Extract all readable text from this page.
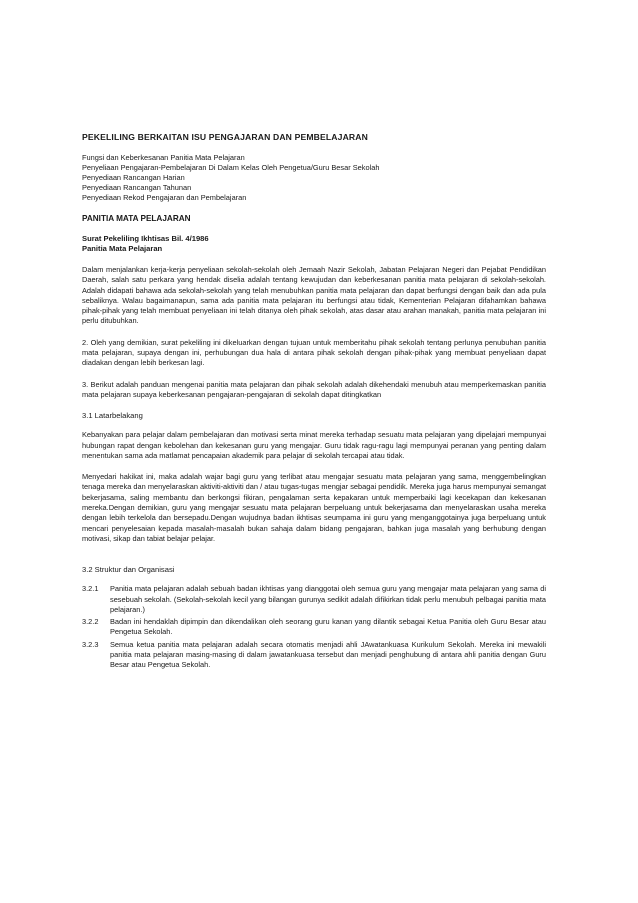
PEKELILING BERKAITAN ISU PENGAJARAN DAN PEMBELAJARAN
Fungsi dan Keberkesanan Panitia Mata Pelajaran
Penyeliaan Pengajaran-Pembelajaran Di Dalam Kelas Oleh Pengetua/Guru Besar Sekolah
Penyediaan Rancangan Harian
Penyediaan Rancangan Tahunan
Penyediaan Rekod Pengajaran dan Pembelajaran
PANITIA MATA PELAJARAN
Surat Pekeliling Ikhtisas Bil. 4/1986
Panitia Mata Pelajaran

Dalam menjalankan kerja-kerja penyeliaan sekolah-sekolah oleh Jemaah Nazir Sekolah, Jabatan Pelajaran Negeri dan Pejabat Pendidikan Daerah, salah satu perkara yang hendak diselia adalah tentang kewujudan dan keberkesanan panitia mata pelajaran di sekolah-sekolah. Adalah didapati bahawa ada sekolah-sekolah yang telah menubuhkan panitia mata pelajaran dan dapat berfungsi dengan baik dan ada pula sebaliknya. Walau bagaimanapun, sama ada panitia mata pelajaran itu berfungsi atau tidak, Kementerian Pelajaran difahamkan bahawa pihak-pihak yang telah membuat penyeliaan ini telah ditanya oleh pihak sekolah, atas dasar atau arahan manakah, panitia mata pelajaran ini perlu ditubuhkan.

2. Oleh yang demikian, surat pekeliling ini dikeluarkan dengan tujuan untuk memberitahu pihak sekolah tentang perlunya penubuhan panitia mata pelajaran, supaya dengan ini, perhubungan dua hala di antara pihak sekolah dengan pihak-pihak yang membuat penyeliaan dapat diadakan dengan lebih berkesan lagi.

3. Berikut adalah panduan mengenai panitia mata pelajaran dan pihak sekolah adalah dikehendaki menubuh atau memperkemaskan panitia mata pelajaran supaya keberkesanan pengajaran-pengajaran di sekolah dapat ditingkatkan

3.1 Latarbelakang

Kebanyakan para pelajar dalam pembelajaran dan motivasi serta minat mereka terhadap sesuatu mata pelajaran yang dipelajari mempunyai hubungan rapat dengan kebolehan dan kekesanan guru yang mengajar. Guru tidak ragu-ragu lagi mempunyai peranan yang penting dalam menentukan sama ada matlamat pencapaian akademik para pelajar di sekolah tercapai atau tidak.

Menyedari hakikat ini, maka adalah wajar bagi guru yang terlibat atau mengajar sesuatu mata pelajaran yang sama, menggembelingkan tenaga mereka dan menyelaraskan aktiviti-aktiviti dan / atau tugas-tugas mengjar sebagai pendidik. Mereka juga harus mempunyai semangat bekerjasama, saling membantu dan berkongsi fikiran, pengalaman serta kepakaran untuk memperbaiki lagi kecekapan dan kekesanan mereka.Dengan demikian, guru yang mengajar sesuatu mata pelajaran berpeluang untuk bekerjasama dan menyelaraskan usaha mereka dengan lebih terkelola dan bersepadu.Dengan wujudnya badan ikhtisas seumpama ini guru yang menganggotainya juga berpeluang untuk mencari penyelesaian kepada masalah-masalah bukan sahaja dalam bidang pengajaran, bahkan juga masalah yang berhubung dengan motivasi, sikap dan tabiat belajar pelajar.

3.2 Struktur dan Organisasi
3.2.1	Panitia mata pelajaran adalah sebuah badan ikhtisas yang dianggotai oleh semua guru yang mengajar mata pelajaran yang sama di sesebuah sekolah. (Sekolah-sekolah kecil yang bilangan gurunya sedikit adalah difikirkan tidak perlu menubuh pelbagai panitia mata pelajaran.)
3.2.2	Badan ini hendaklah dipimpin dan dikendalikan oleh seorang guru kanan yang dilantik sebagai Ketua Panitia oleh Guru Besar atau Pengetua Sekolah.
3.2.3	Semua ketua panitia mata pelajaran adalah secara otomatis menjadi ahli JAwatankuasa Kurikulum Sekolah. Mereka ini mewakili panitia mata pelajaran masing-masing di dalam jawatankuasa tersebut dan menjadi penghubung di antara ahli panitia dengan Guru Besar atau Pengetua Sekolah.
